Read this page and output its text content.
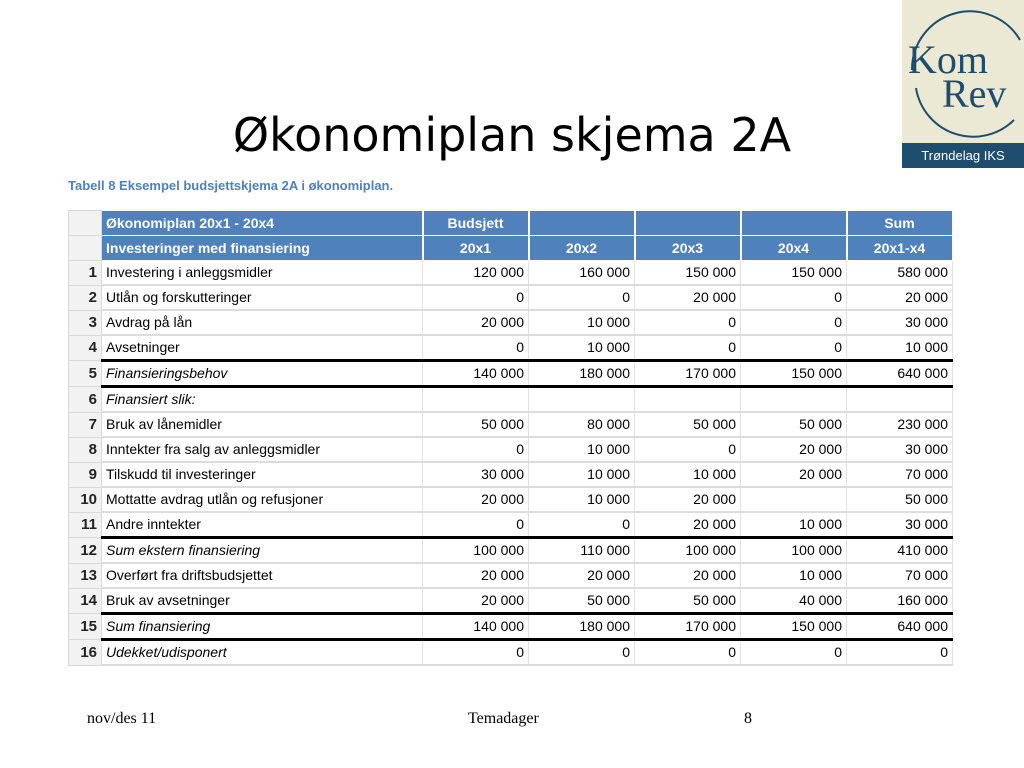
Kom
Rev
Trøndelag IKS
Økonomiplan skjema 2A
Tabell 8 Eksempel budsjettskjema 2A i økonomiplan.
	Økonomiplan 20x1 - 20x4	Budsjett				Sum
	Investeringer med finansiering	20x1	20x2	20x3	20x4	20x1-x4
1	Investering i anleggsmidler	120 000	160 000	150 000	150 000	580 000
2	Utlån og forskutteringer	0	0	20 000	0	20 000
3	Avdrag på lån	20 000	10 000	0	0	30 000
4	Avsetninger	0	10 000	0	0	10 000
5	Finansieringsbehov	140 000	180 000	170 000	150 000	640 000
6	Finansiert slik:					
7	Bruk av lånemidler	50 000	80 000	50 000	50 000	230 000
8	Inntekter fra salg av anleggsmidler	0	10 000	0	20 000	30 000
9	Tilskudd til investeringer	30 000	10 000	10 000	20 000	70 000
10	Mottatte avdrag utlån og refusjoner	20 000	10 000	20 000		50 000
11	Andre inntekter	0	0	20 000	10 000	30 000
12	Sum ekstern finansiering	100 000	110 000	100 000	100 000	410 000
13	Overført fra driftsbudsjettet	20 000	20 000	20 000	10 000	70 000
14	Bruk av avsetninger	20 000	50 000	50 000	40 000	160 000
15	Sum finansiering	140 000	180 000	170 000	150 000	640 000
16	Udekket/udisponert	0	0	0	0	0
nov/des 11	Temadager	8
